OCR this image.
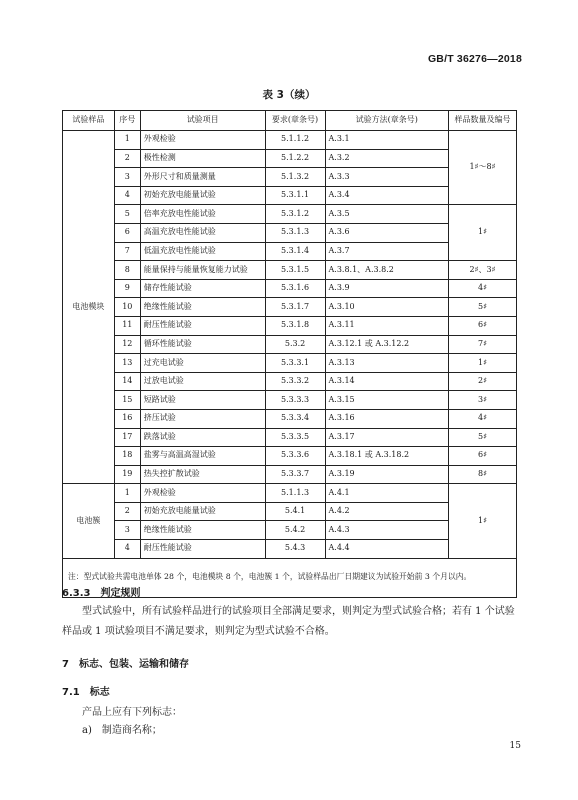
GB/T 36276—2018
表 3（续）
试验样品	序号	试验项目	要求(章条号)	试验方法(章条号)	样品数量及编号
电池模块	1	外观检验	5.1.1.2	A.3.1	1♯～8♯
	2	极性检测	5.1.2.2	A.3.2	
	3	外形尺寸和质量测量	5.1.3.2	A.3.3	
	4	初始充放电能量试验	5.3.1.1	A.3.4	
	5	倍率充放电性能试验	5.3.1.2	A.3.5	1♯
	6	高温充放电性能试验	5.3.1.3	A.3.6	
	7	低温充放电性能试验	5.3.1.4	A.3.7	
	8	能量保持与能量恢复能力试验	5.3.1.5	A.3.8.1、A.3.8.2	2♯、3♯
	9	储存性能试验	5.3.1.6	A.3.9	4♯
	10	绝缘性能试验	5.3.1.7	A.3.10	5♯
	11	耐压性能试验	5.3.1.8	A.3.11	6♯
	12	循环性能试验	5.3.2	A.3.12.1 或 A.3.12.2	7♯
	13	过充电试验	5.3.3.1	A.3.13	1♯
	14	过放电试验	5.3.3.2	A.3.14	2♯
	15	短路试验	5.3.3.3	A.3.15	3♯
	16	挤压试验	5.3.3.4	A.3.16	4♯
	17	跌落试验	5.3.3.5	A.3.17	5♯
	18	盐雾与高温高湿试验	5.3.3.6	A.3.18.1 或 A.3.18.2	6♯
	19	热失控扩散试验	5.3.3.7	A.3.19	8♯
电池簇	1	外观检验	5.1.1.3	A.4.1	1♯
	2	初始充放电能量试验	5.4.1	A.4.2	
	3	绝缘性能试验	5.4.2	A.4.3	
	4	耐压性能试验	5.4.3	A.4.4	
注：型式试验共需电池单体 28 个，电池模块 8 个，电池簇 1 个，试验样品出厂日期建议为试验开始前 3 个月以内。					
6.3.3　判定规则
型式试验中，所有试验样品进行的试验项目全部满足要求，则判定为型式试验合格；若有 1 个试验样品或 1 项试验项目不满足要求，则判定为型式试验不合格。
7　标志、包装、运输和储存
7.1　标志
产品上应有下列标志：
a)　制造商名称；
15
